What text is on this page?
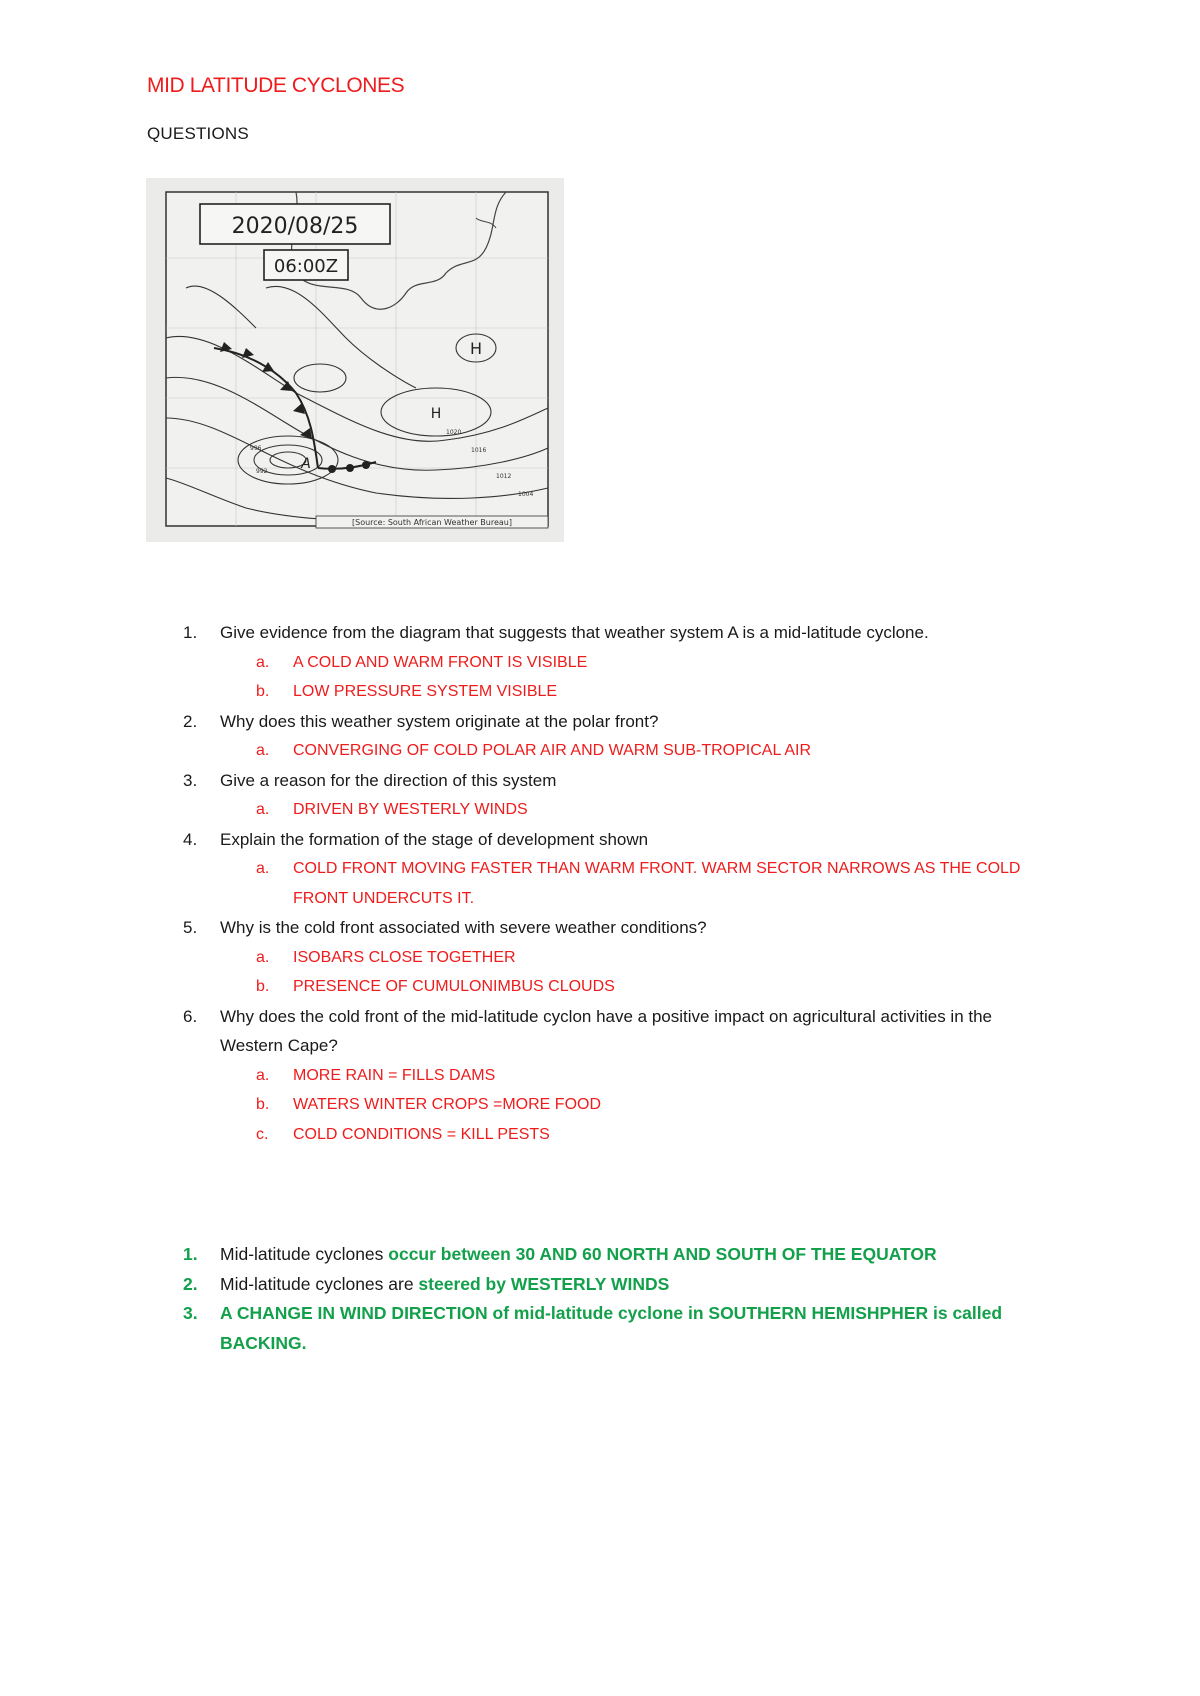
MID LATITUDE CYCLONES

QUESTIONS

2020/08/25
06:00Z
H
H
A
1020
1016
1012
1004
996
992
[Source: South African Weather Bureau]
1. Give evidence from the diagram that suggests that weather system A is a mid-latitude cyclone.
a. A COLD AND WARM FRONT IS VISIBLE
b. LOW PRESSURE SYSTEM VISIBLE
2. Why does this weather system originate at the polar front?
a. CONVERGING OF COLD POLAR AIR AND WARM SUB-TROPICAL AIR
3. Give a reason for the direction of this system
a. DRIVEN BY WESTERLY WINDS
4. Explain the formation of the stage of development shown
a. COLD FRONT MOVING FASTER THAN WARM FRONT. WARM SECTOR NARROWS AS THE COLD FRONT UNDERCUTS IT.
5. Why is the cold front associated with severe weather conditions?
a. ISOBARS CLOSE TOGETHER
b. PRESENCE OF CUMULONIMBUS CLOUDS
6. Why does the cold front of the mid-latitude cyclon have a positive impact on agricultural activities in the Western Cape?
a. MORE RAIN = FILLS DAMS
b. WATERS WINTER CROPS =MORE FOOD
c. COLD CONDITIONS = KILL PESTS
1. Mid-latitude cyclones occur between 30 AND 60 NORTH AND SOUTH OF THE EQUATOR
2. Mid-latitude cyclones are steered by WESTERLY WINDS
3. A CHANGE IN WIND DIRECTION of mid-latitude cyclone in SOUTHERN HEMISHPHER is called BACKING.
